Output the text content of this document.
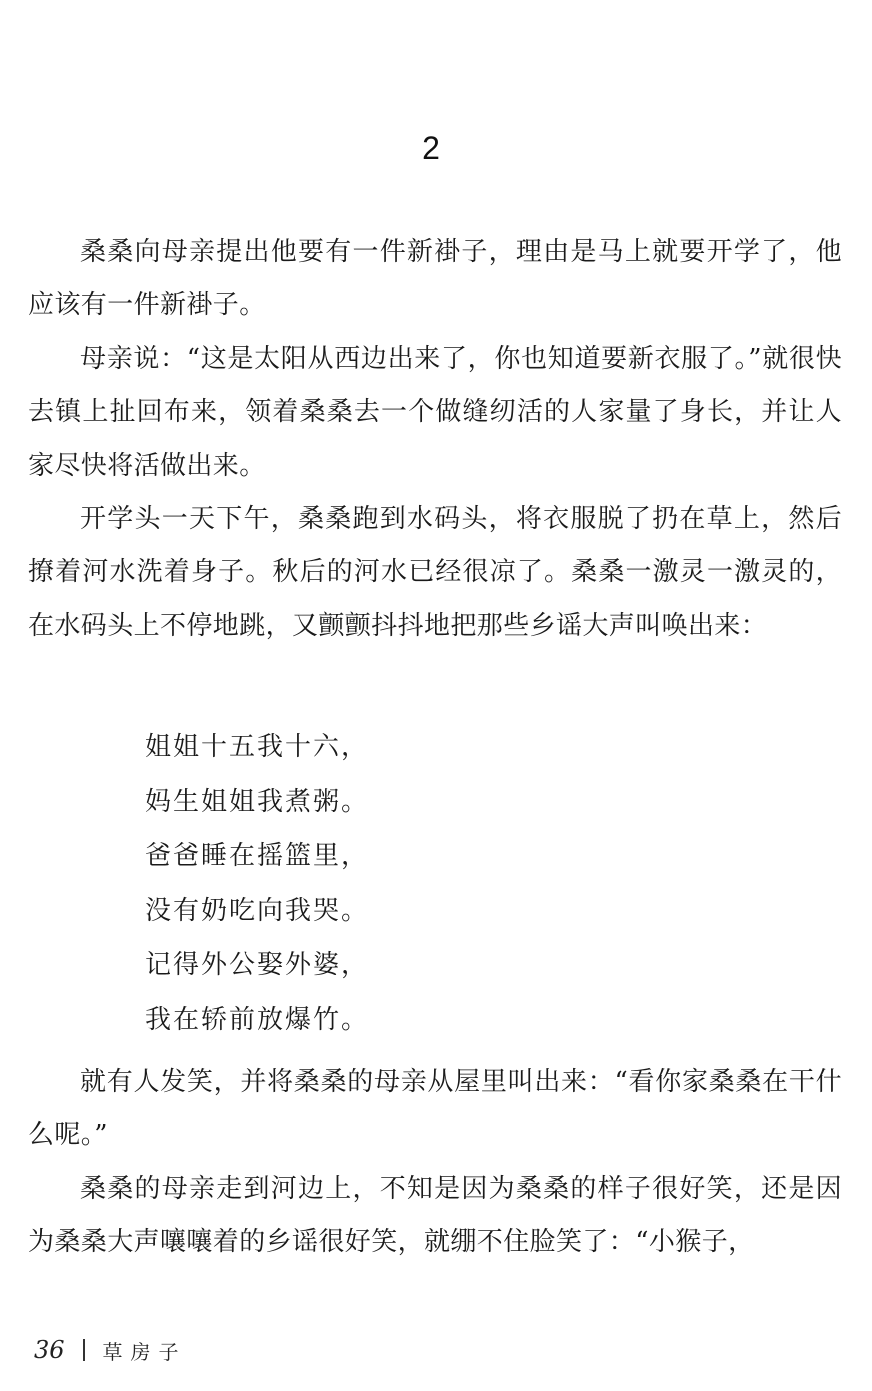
2

桑桑向母亲提出他要有一件新褂子，理由是马上就要开学了，他应该有一件新褂子。

母亲说：“这是太阳从西边出来了，你也知道要新衣服了。”就很快去镇上扯回布来，领着桑桑去一个做缝纫活的人家量了身长，并让人家尽快将活做出来。

开学头一天下午，桑桑跑到水码头，将衣服脱了扔在草上，然后撩着河水洗着身子。秋后的河水已经很凉了。桑桑一激灵一激灵的，在水码头上不停地跳，又颤颤抖抖地把那些乡谣大声叫唤出来：

姐姐十五我十六，
妈生姐姐我煮粥。
爸爸睡在摇篮里，
没有奶吃向我哭。
记得外公娶外婆，
我在轿前放爆竹。

就有人发笑，并将桑桑的母亲从屋里叫出来：“看你家桑桑在干什么呢。”

桑桑的母亲走到河边上，不知是因为桑桑的样子很好笑，还是因为桑桑大声嚷嚷着的乡谣很好笑，就绷不住脸笑了：“小猴子，

36 草房子
